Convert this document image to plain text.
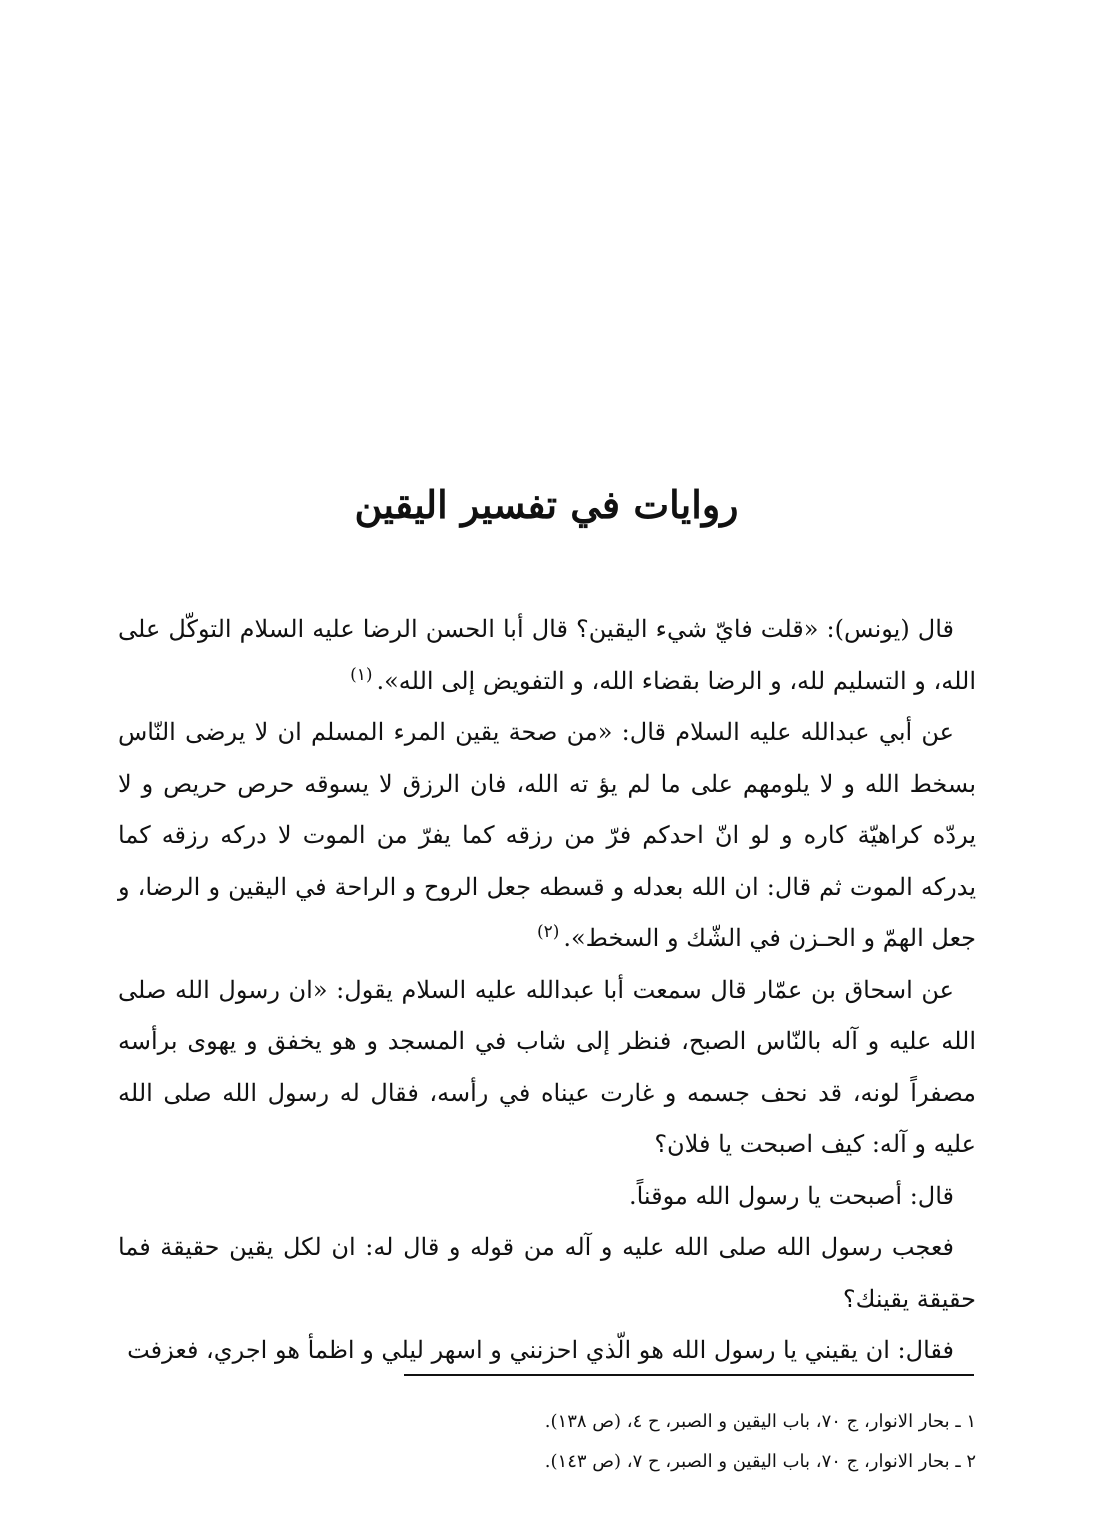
روايات في تفسير اليقين

قال (يونس): «قلت فايّ شيء اليقين؟ قال أبا الحسن الرضا عليه السلام التوكّل على الله، و التسليم لله، و الرضا بقضاء الله، و التفويض إلى الله».$^{(١)}$

عن أبي عبدالله عليه السلام قال: «من صحة يقين المرء المسلم ان لا يرضى النّاس بسخط الله و لا يلومهم على ما لم يؤ ته الله، فان الرزق لا يسوقه حرص حريص و لا يردّه كراهيّة كاره و لو انّ احدكم فرّ من رزقه كما يفرّ من الموت لا دركه رزقه كما يدركه الموت ثم قال: ان الله بعدله و قسطه جعل الروح و الراحة في اليقين و الرضا، و جعل الهمّ و الحـزن في الشّك و السخط».$^{(٢)}$

عن اسحاق بن عمّار قال سمعت أبا عبدالله عليه السلام يقول: «ان رسول الله صلى الله عليه و آله بالنّاس الصبح، فنظر إلى شاب في المسجد و هو يخفق و يهوى برأسه مصفراً لونه، قد نحف جسمه و غارت عيناه في رأسه، فقال له رسول الله صلى الله عليه و آله: كيف اصبحت يا فلان؟

قال: أصبحت يا رسول الله موقناً.

فعجب رسول الله صلى الله عليه و آله من قوله و قال له: ان لكل يقين حقيقة فما حقيقة يقينك؟

فقال: ان يقيني يا رسول الله هو الّذي احزنني و اسهر ليلي و اظمأ هو اجري، فعزفت

١ ـ بحار الانوار، ج ٧٠، باب اليقين و الصبر، ح ٤، (ص ١٣٨).

٢ ـ بحار الانوار، ج ٧٠، باب اليقين و الصبر، ح ٧، (ص ١٤٣).
